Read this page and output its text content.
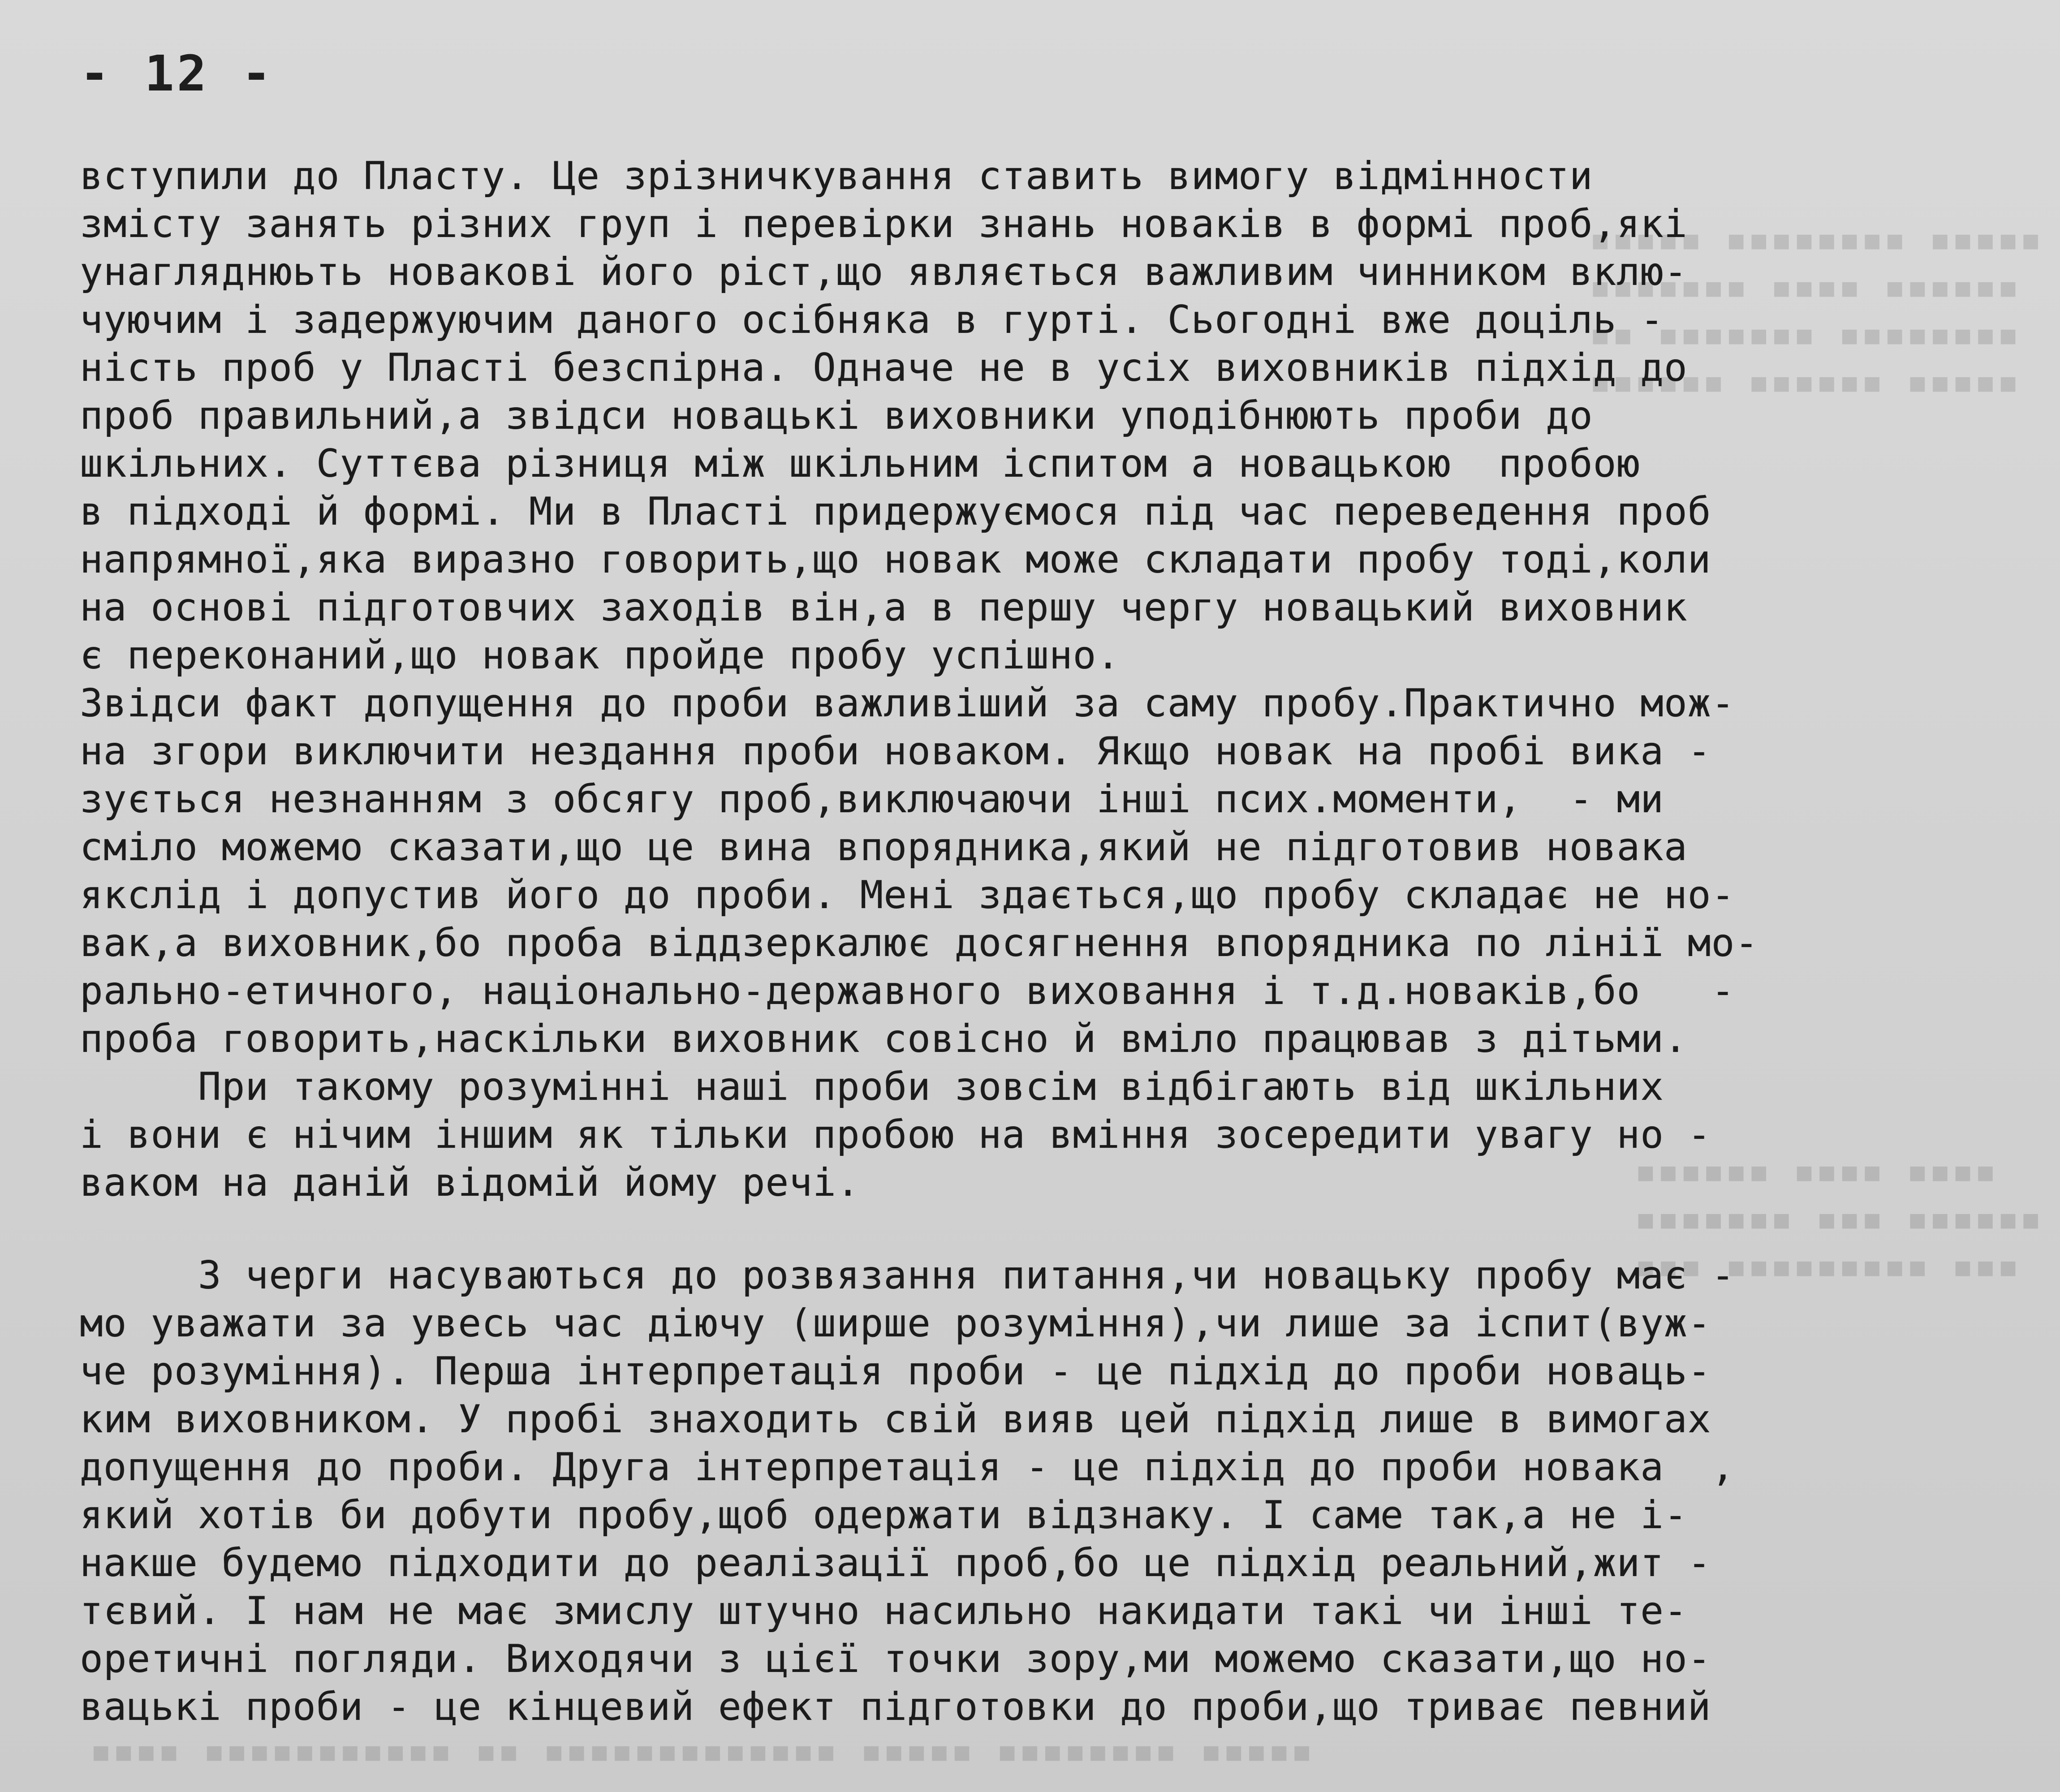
▪▪▪▪▪ ▪▪▪▪▪▪▪▪ ▪▪▪▪▪
▪▪▪▪▪▪▪ ▪▪▪▪ ▪▪▪▪▪▪
▪▪ ▪▪▪▪▪▪▪ ▪▪▪▪▪▪▪▪
▪▪▪▪▪▪ ▪▪▪▪▪▪ ▪▪▪▪▪
▪▪▪▪▪▪ ▪▪▪▪ ▪▪▪▪
▪▪▪▪▪▪▪ ▪▪▪ ▪▪▪▪▪▪
▪▪▪ ▪▪▪▪▪▪▪▪▪ ▪▪▪
▪▪▪▪ ▪▪▪▪▪▪▪▪▪▪▪ ▪▪ ▪▪▪▪▪▪▪▪▪▪▪▪▪ ▪▪▪▪▪ ▪▪▪▪▪▪▪▪ ▪▪▪▪▪
- 12 -
вступили до Пласту. Це зрізничкування ставить вимогу відмінности
змісту занять різних груп і перевірки знань новаків в формі проб,які
унагляднюьть новакові його ріст,що являється важливим чинником вклю-
чуючим і задержуючим даного осібняка в гурті. Сьогодні вже доціль -
ність проб у Пласті безспірна. Одначе не в усіх виховників підхід до
проб правильний,а звідси новацькі виховники уподібнюють проби до
шкільних. Суттєва різниця між шкільним іспитом а новацькою  пробою
в підході й формі. Ми в Пласті придержуємося під час переведення проб
напрямної,яка виразно говорить,що новак може складати пробу тоді,коли
на основі підготовчих заходів він,а в першу чергу новацький виховник
є переконаний,що новак пройде пробу успішно.
Звідси факт допущення до проби важливіший за саму пробу.Практично мож-
на згори виключити нездання проби новаком. Якщо новак на пробі вика -
зується незнанням з обсягу проб,виключаючи інші псих.моменти,  - ми
сміло можемо сказати,що це вина впорядника,який не підготовив новака
якслід і допустив його до проби. Мені здається,що пробу складає не но-
вак,а виховник,бо проба віддзеркалює досягнення впорядника по лінії мо-
рально-етичного, національно-державного виховання і т.д.новаків,бо   -
проба говорить,наскільки виховник совісно й вміло працював з дітьми.
При такому розумінні наші проби зовсім відбігають від шкільних
і вони є нічим іншим як тільки пробою на вміння зосередити увагу но -
ваком на даній відомій йому речі.
З черги насуваються до розвязання питання,чи новацьку пробу має -
мо уважати за увесь час діючу (ширше розуміння),чи лише за іспит(вуж-
че розуміння). Перша інтерпретація проби - це підхід до проби новаць-
ким виховником. У пробі знаходить свій вияв цей підхід лише в вимогах
допущення до проби. Друга інтерпретація - це підхід до проби новака  ,
який хотів би добути пробу,щоб одержати відзнаку. І саме так,а не і-
накше будемо підходити до реалізації проб,бо це підхід реальний,жит -
тєвий. І нам не має змислу штучно насильно накидати такі чи інші те-
оретичні погляди. Виходячи з цієї точки зору,ми можемо сказати,що но-
вацькі проби - це кінцевий ефект підготовки до проби,що триває певний
